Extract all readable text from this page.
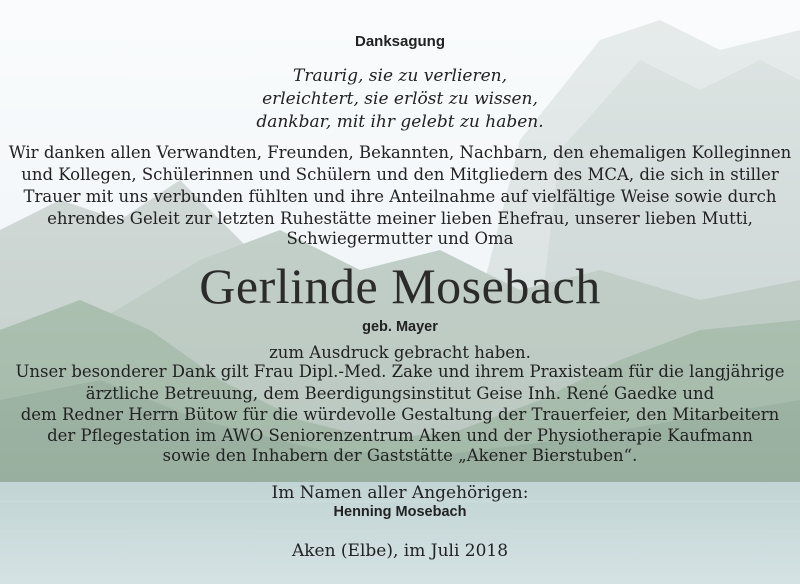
Danksagung
Traurig, sie zu verlieren,
erleichtert, sie erlöst zu wissen,
dankbar, mit ihr gelebt zu haben.
Wir danken allen Verwandten, Freunden, Bekannten, Nachbarn, den ehemaligen Kolleginnen
und Kollegen, Schülerinnen und Schülern und den Mitgliedern des MCA, die sich in stiller
Trauer mit uns verbunden fühlten und ihre Anteilnahme auf vielfältige Weise sowie durch
ehrendes Geleit zur letzten Ruhestätte meiner lieben Ehefrau, unserer lieben Mutti,
Schwiegermutter und Oma
Gerlinde Mosebach
geb. Mayer
zum Ausdruck gebracht haben.
Unser besonderer Dank gilt Frau Dipl.-Med. Zake und ihrem Praxisteam für die langjährige
ärztliche Betreuung, dem Beerdigungsinstitut Geise Inh. René Gaedke und
dem Redner Herrn Bütow für die würdevolle Gestaltung der Trauerfeier, den Mitarbeitern
der Pflegestation im AWO Seniorenzentrum Aken und der Physiotherapie Kaufmann
sowie den Inhabern der Gaststätte „Akener Bierstuben“.
Im Namen aller Angehörigen:
Henning Mosebach
Aken (Elbe), im Juli 2018
